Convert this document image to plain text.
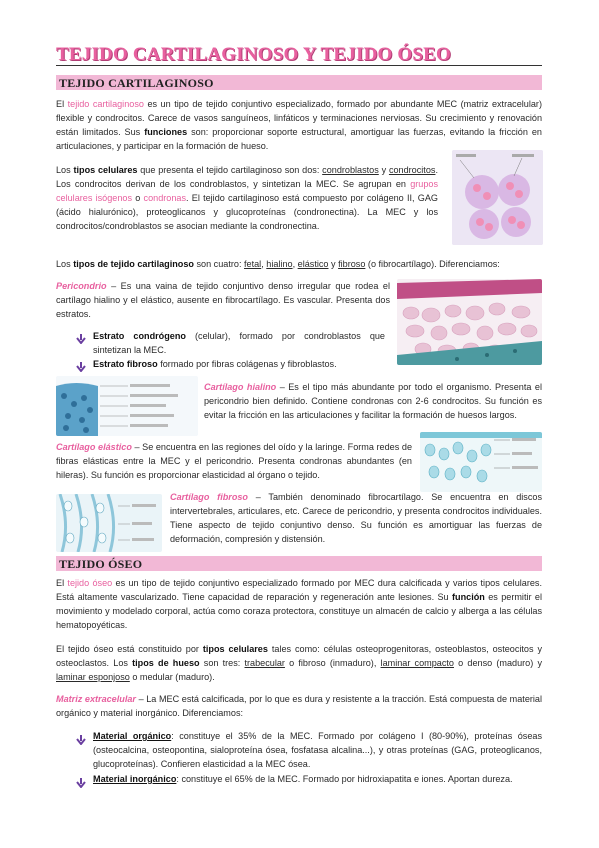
TEJIDO CARTILAGINOSO Y TEJIDO ÓSEO
TEJIDO CARTILAGINOSO
El tejido cartilaginoso es un tipo de tejido conjuntivo especializado, formado por abundante MEC (matriz extracelular) flexible y condrocitos. Carece de vasos sanguíneos, linfáticos y terminaciones nerviosas. Su crecimiento y renovación están limitados. Sus funciones son: proporcionar soporte estructural, amortiguar las fuerzas, evitando la fricción en articulaciones, y participar en la formación de hueso.
Los tipos celulares que presenta el tejido cartilaginoso son dos: condroblastos y condrocitos. Los condrocitos derivan de los condroblastos, y sintetizan la MEC. Se agrupan en grupos celulares isógenos o condronas. El tejido cartilaginoso está compuesto por colágeno II, GAG (ácido hialurónico), proteoglicanos y glucoproteínas (condronectina). La MEC y los condrocitos/condroblastos se asocian mediante la condronectina.
Los tipos de tejido cartilaginoso son cuatro: fetal, hialino, elástico y fibroso (o fibrocartílago). Diferenciamos:
Pericondrio – Es una vaina de tejido conjuntivo denso irregular que rodea el cartílago hialino y el elástico, ausente en fibrocartílago. Es vascular. Presenta dos estratos.
Estrato condrógeno (celular), formado por condroblastos que sintetizan la MEC.
Estrato fibroso formado por fibras colágenas y fibroblastos.
Cartílago hialino – Es el tipo más abundante por todo el organismo. Presenta el pericondrio bien definido. Contiene condronas con 2-6 condrocitos. Su función es evitar la fricción en las articulaciones y facilitar la formación de huesos largos.
Cartílago elástico – Se encuentra en las regiones del oído y la laringe. Forma redes de fibras elásticas entre la MEC y el pericondrio. Presenta condronas abundantes (en hileras). Su función es proporcionar elasticidad al órgano o tejido.
Cartílago fibroso – También denominado fibrocartílago. Se encuentra en discos intervertebrales, articulares, etc. Carece de pericondrio, y presenta condrocitos individuales. Tiene aspecto de tejido conjuntivo denso. Su función es amortiguar las fuerzas de deformación, compresión y distensión.
TEJIDO ÓSEO
El tejido óseo es un tipo de tejido conjuntivo especializado formado por MEC dura calcificada y varios tipos celulares. Está altamente vascularizado. Tiene capacidad de reparación y regeneración ante lesiones. Su función es permitir el movimiento y modelado corporal, actúa como coraza protectora, constituye un almacén de calcio y alberga a las células hematopoyéticas.
El tejido óseo está constituido por tipos celulares tales como: células osteoprogenitoras, osteoblastos, osteocitos y osteoclastos. Los tipos de hueso son tres: trabecular o fibroso (inmaduro), laminar compacto o denso (maduro) y laminar esponjoso o medular (maduro).
Matriz extracelular – La MEC está calcificada, por lo que es dura y resistente a la tracción. Está compuesta de material orgánico y material inorgánico. Diferenciamos:
Material orgánico: constituye el 35% de la MEC. Formado por colágeno I (80-90%), proteínas óseas (osteocalcina, osteopontina, sialoproteína ósea, fosfatasa alcalina...), y otras proteínas (GAG, proteoglicanos, glucoproteínas). Confieren elasticidad a la MEC ósea.
Material inorgánico: constituye el 65% de la MEC. Formado por hidroxiapatita e iones. Aportan dureza.
